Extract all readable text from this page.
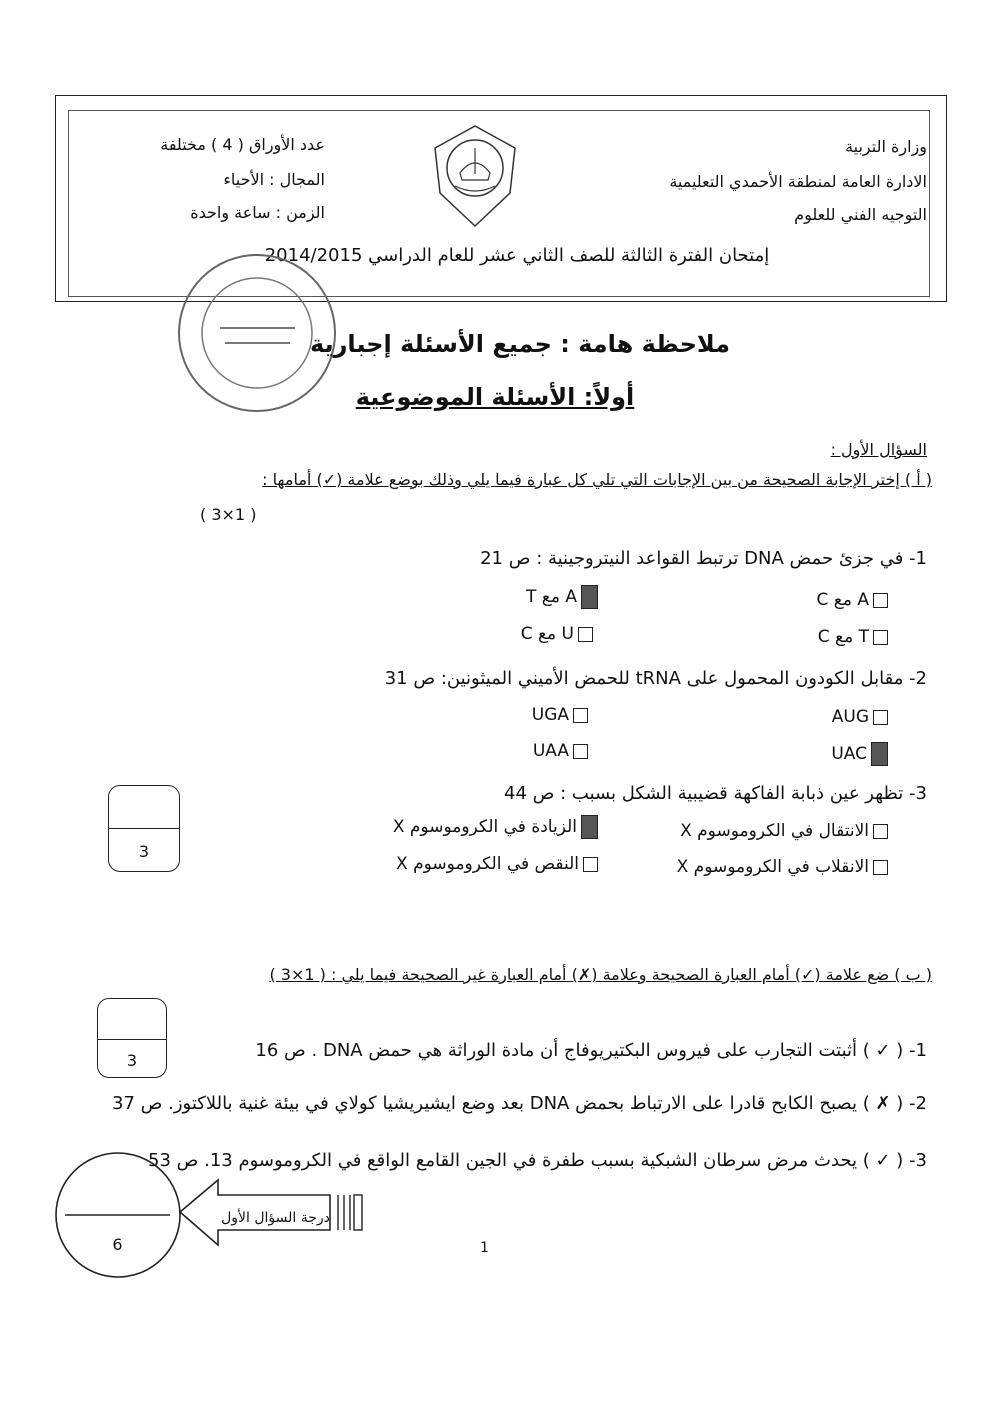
وزارة التربية
الادارة العامة لمنطقة الأحمدي التعليمية
التوجيه الفني للعلوم
عدد الأوراق ( 4 ) مختلفة
المجال : الأحياء
الزمن : ساعة واحدة
إمتحان الفترة الثالثة للصف الثاني عشر للعام الدراسي 2014/2015
ملاحظة هامة : جميع الأسئلة إجبارية
أولاً: الأسئلة الموضوعية
السؤال الأول :
( أ ) إختر الإجابة الصحيحة من بين الإجابات التي تلي كل عبارة فيما يلي وذلك بوضع علامة (✓) أمامها :
( 1×3 )
1- في جزئ حمض DNA ترتبط القواعد النيتروجينية : ص 21
A مع C
A مع T
T مع C
U مع C
2- مقابل الكودون المحمول على tRNA للحمض الأميني الميثونين: ص 31
AUG
UGA
UAC
UAA
3- تظهر عين ذبابة الفاكهة قضيبية الشكل بسبب : ص 44
الانتقال في الكروموسوم X
الزيادة في الكروموسوم X
الانقلاب في الكروموسوم X
النقص في الكروموسوم X
3
( ب ) ضع علامة (✓) أمام العبارة الصحيحة وعلامة (✗) أمام العبارة غير الصحيحة فيما يلي : ( 1×3 )
3	1- ( ✓ ) أثبتت التجارب على فيروس البكتيريوفاج أن مادة الوراثة هي حمض DNA . ص 16
2- ( ✗ ) يصبح الكابح قادرا على الارتباط بحمض DNA بعد وضع ايشيريشيا كولاي في بيئة غنية باللاكتوز. ص 37
3- ( ✓ ) يحدث مرض سرطان الشبكية بسبب طفرة في الجين القامع الواقع في الكروموسوم 13. ص 53
درجة السؤال الأول
6	1
